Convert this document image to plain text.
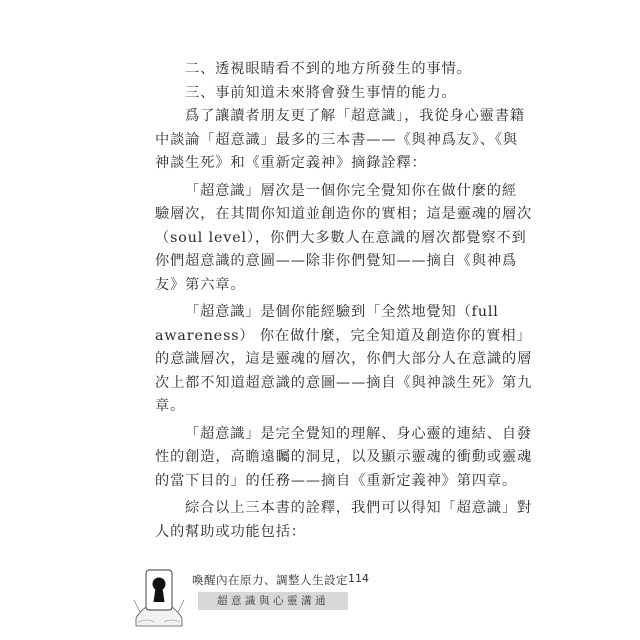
二、透視眼睛看不到的地方所發生的事情。
三、事前知道未來將會發生事情的能力。
爲了讓讀者朋友更了解「超意識」，我從身心靈書籍
中談論「超意識」最多的三本書——《與神爲友》、《與
神談生死》和《重新定義神》摘錄詮釋：
「超意識」層次是一個你完全覺知你在做什麼的經
驗層次，在其間你知道並創造你的實相；這是靈魂的層次
（soul level），你們大多數人在意識的層次都覺察不到
你們超意識的意圖——除非你們覺知——摘自《與神爲
友》第六章。
「超意識」是個你能經驗到「全然地覺知（full
awareness） 你在做什麼，完全知道及創造你的實相」
的意識層次，這是靈魂的層次，你們大部分人在意識的層
次上都不知道超意識的意圖——摘自《與神談生死》第九
章。
「超意識」是完全覺知的理解、身心靈的連結、自發
性的創造，高瞻遠矚的洞見，以及顯示靈魂的衝動或靈魂
的當下目的」的任務——摘自《重新定義神》第四章。
綜合以上三本書的詮釋，我們可以得知「超意識」對
人的幫助或功能包括：
喚醒內在原力、調整人生設定 114
超意識與心靈溝通
